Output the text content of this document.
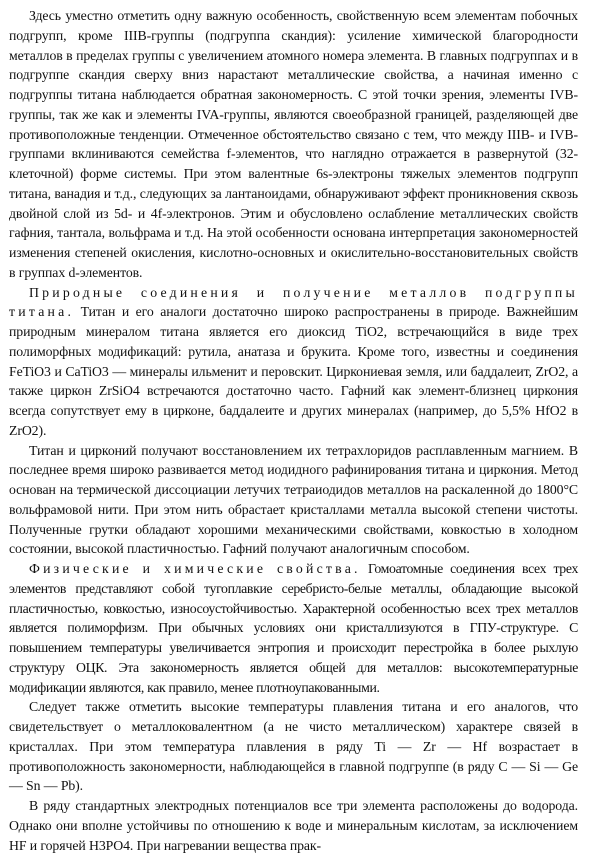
Здесь уместно отметить одну важную особенность, свойственную всем элементам побочных подгрупп, кроме IIIB-группы (подгруппа скандия): усиление химической благородности металлов в пределах группы с увеличением атомного номера элемента. В главных подгруппах и в подгруппе скандия сверху вниз нарастают металлические свойства, а начиная именно с подгруппы титана наблюдается обратная закономерность. С этой точки зрения, элементы IVB-группы, так же как и элементы IVA-группы, являются своеобразной границей, разделяющей две противоположные тенденции. Отмеченное обстоятельство связано с тем, что между IIIB- и IVB-группами вклиниваются семейства f-элементов, что наглядно отражается в развернутой (32-клеточной) форме системы. При этом валентные 6s-электроны тяжелых элементов подгрупп титана, ванадия и т.д., следующих за лантаноидами, обнаруживают эффект проникновения сквозь двойной слой из 5d- и 4f-электронов. Этим и обусловлено ослабление металлических свойств гафния, тантала, вольфрама и т.д. На этой особенности основана интерпретация закономерностей изменения степеней окисления, кислотно-основных и окислительно-восстановительных свойств в группах d-элементов.

Природные соединения и получение металлов подгруппы титана. Титан и его аналоги достаточно широко распространены в природе. Важнейшим природным минералом титана является его диоксид TiO2, встречающийся в виде трех полиморфных модификаций: рутила, анатаза и брукита. Кроме того, известны и соединения FeTiO3 и CaTiO3 — минералы ильменит и перовскит. Циркониевая земля, или баддалеит, ZrO2, а также циркон ZrSiO4 встречаются достаточно часто. Гафний как элемент-близнец циркония всегда сопутствует ему в цирконе, баддалеите и других минералах (например, до 5,5% HfO2 в ZrO2).

Титан и цирконий получают восстановлением их тетрахлоридов расплавленным магнием. В последнее время широко развивается метод иодидного рафинирования титана и циркония. Метод основан на термической диссоциации летучих тетраиодидов металлов на раскаленной до 1800°С вольфрамовой нити. При этом нить обрастает кристаллами металла высокой степени чистоты. Полученные грутки обладают хорошими механическими свойствами, ковкостью в холодном состоянии, высокой пластичностью. Гафний получают аналогичным способом.

Физические и химические свойства. Гомоатомные соединения всех трех элементов представляют собой тугоплавкие серебристо-белые металлы, обладающие высокой пластичностью, ковкостью, износоустойчивостью. Характерной особенностью всех трех металлов является полиморфизм. При обычных условиях они кристаллизуются в ГПУ-структуре. С повышением температуры увеличивается энтропия и происходит перестройка в более рыхлую структуру ОЦК. Эта закономерность является общей для металлов: высокотемпературные модификации являются, как правило, менее плотноупакованными.

Следует также отметить высокие температуры плавления титана и его аналогов, что свидетельствует о металлоковалентном (а не чисто металлическом) характере связей в кристаллах. При этом температура плавления в ряду Ti — Zr — Hf возрастает в противоположность закономерности, наблюдающейся в главной подгруппе (в ряду C — Si — Ge — Sn — Pb).

В ряду стандартных электродных потенциалов все три элемента расположены до водорода. Однако они вполне устойчивы по отношению к воде и минеральным кислотам, за исключением HF и горячей H3PO4. При нагревании вещества прак-
